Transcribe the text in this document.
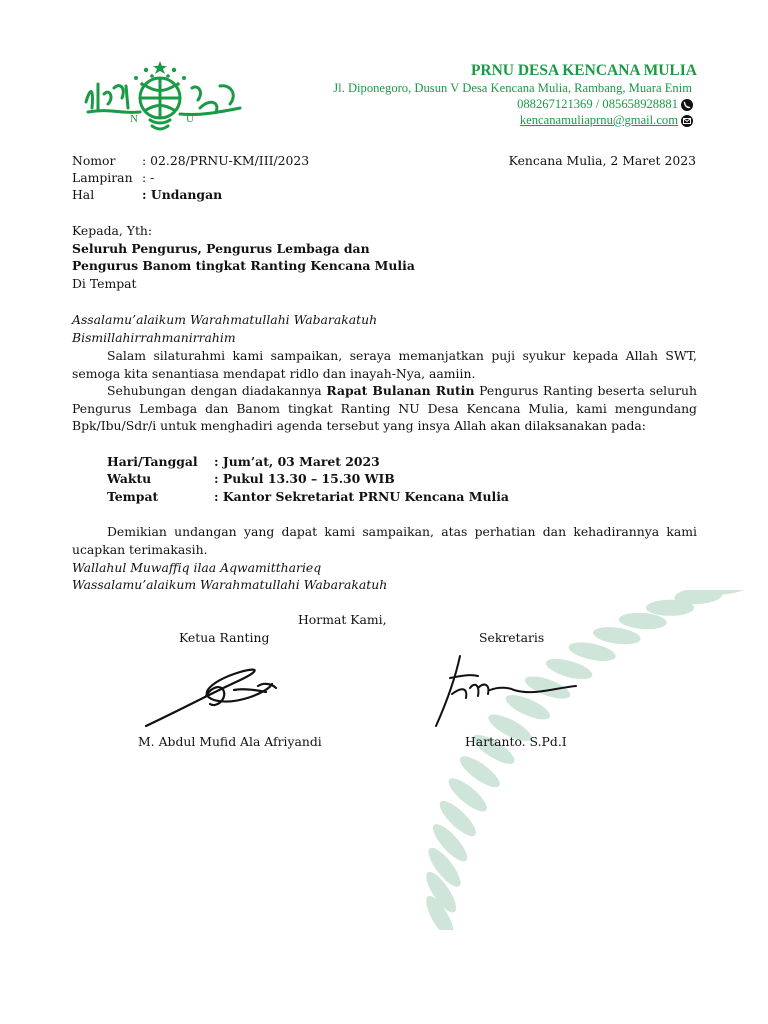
N	U
PRNU DESA KENCANA MULIA
Jl. Diponegoro, Dusun V Desa Kencana Mulia, Rambang, Muara Enim
088267121369 / 085658928881
kencanamuliaprnu@gmail.com
Nomor : 02.28/PRNU-KM/III/2023
Lampiran : -
Hal	: Undangan
Kencana Mulia, 2 Maret 2023
Kepada, Yth:
Seluruh Pengurus, Pengurus Lembaga dan
Pengurus Banom tingkat Ranting Kencana Mulia
Di Tempat
Assalamu’alaikum Warahmatullahi Wabarakatuh
Bismillahirrahmanirrahim
Salam silaturahmi kami sampaikan, seraya memanjatkan puji syukur kepada Allah SWT,
semoga kita senantiasa mendapat ridlo dan inayah-Nya, aamiin.
Sehubungan dengan diadakannya Rapat Bulanan Rutin Pengurus Ranting beserta seluruh
Pengurus Lembaga dan Banom tingkat Ranting NU Desa Kencana Mulia, kami mengundang
Bpk/Ibu/Sdr/i untuk menghadiri agenda tersebut yang insya Allah akan dilaksanakan pada:
Hari/Tanggal : Jum’at, 03 Maret 2023
Waktu	: Pukul 13.30 – 15.30 WIB
Tempat	: Kantor Sekretariat PRNU Kencana Mulia
Demikian undangan yang dapat kami sampaikan, atas perhatian dan kehadirannya kami
ucapkan terimakasih.
Wallahul Muwaffiq ilaa Aqwamittharieq
Wassalamu’alaikum Warahmatullahi Wabarakatuh
Hormat Kami,
Ketua Ranting	Sekretaris
M. Abdul Mufid Ala Afriyandi	Hartanto. S.Pd.I
